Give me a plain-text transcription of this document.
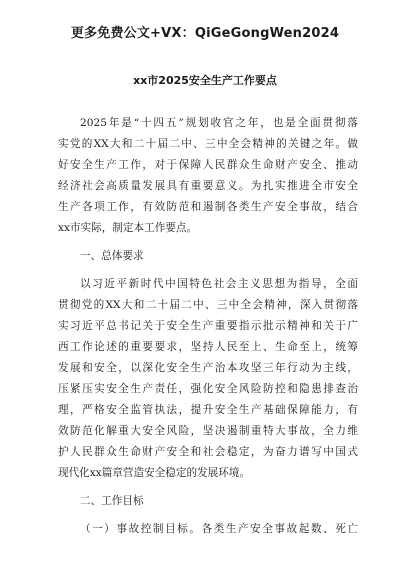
更多免费公文+VX：QiGeGongWen2024
xx市2025安全生产工作要点
2025年是“十四五”规划收官之年，也是全面贯彻落
实党的XX大和二十届二中、三中全会精神的关键之年。做
好安全生产工作，对于保障人民群众生命财产安全、推动
经济社会高质量发展具有重要意义。为扎实推进全市安全
生产各项工作，有效防范和遏制各类生产安全事故，结合
xx市实际，制定本工作要点。
一、总体要求
以习近平新时代中国特色社会主义思想为指导，全面
贯彻党的XX大和二十届二中、三中全会精神，深入贯彻落
实习近平总书记关于安全生产重要指示批示精神和关于广
西工作论述的重要要求，坚持人民至上、生命至上，统筹
发展和安全，以深化安全生产治本攻坚三年行动为主线，
压紧压实安全生产责任，强化安全风险防控和隐患排查治
理，严格安全监管执法，提升安全生产基础保障能力，有
效防范化解重大安全风险，坚决遏制重特大事故，全力维
护人民群众生命财产安全和社会稳定，为奋力谱写中国式
现代化xx篇章营造安全稳定的发展环境。
二、工作目标
（一）事故控制目标。各类生产安全事故起数、死亡
